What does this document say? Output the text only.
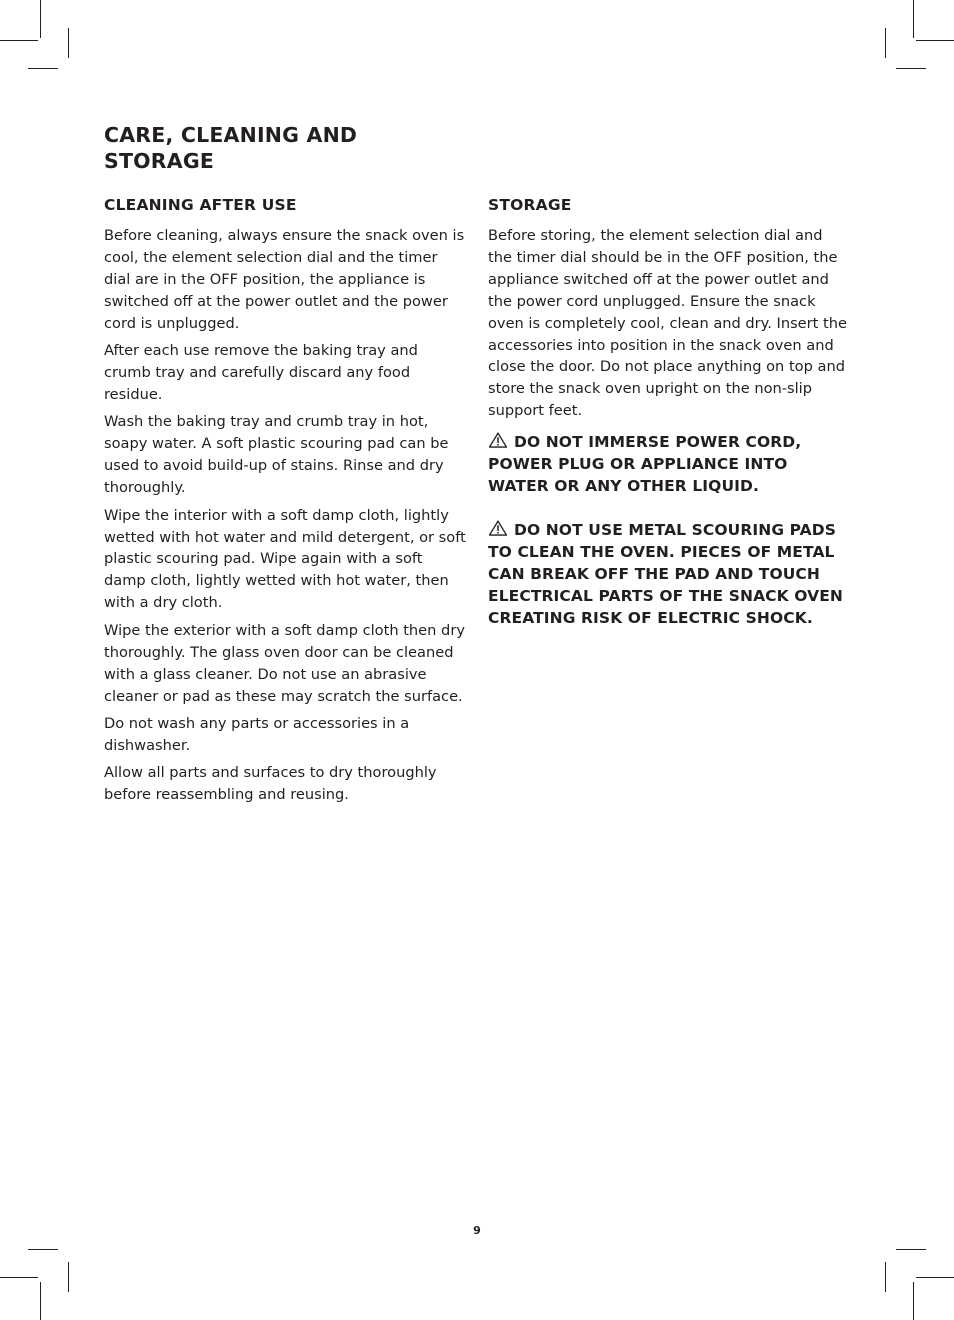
CARE, CLEANING AND STORAGE
CLEANING AFTER USE

Before cleaning, always ensure the snack oven is cool, the element selection dial and the timer dial are in the OFF position, the appliance is switched off at the power outlet and the power cord is unplugged.

After each use remove the baking tray and crumb tray and carefully discard any food residue.

Wash the baking tray and crumb tray in hot, soapy water. A soft plastic scouring pad can be used to avoid build-up of stains. Rinse and dry thoroughly.

Wipe the interior with a soft damp cloth, lightly wetted with hot water and mild detergent, or soft plastic scouring pad. Wipe again with a soft damp cloth, lightly wetted with hot water, then with a dry cloth.

Wipe the exterior with a soft damp cloth then dry thoroughly. The glass oven door can be cleaned with a glass cleaner. Do not use an abrasive cleaner or pad as these may scratch the surface.

Do not wash any parts or accessories in a dishwasher.

Allow all parts and surfaces to dry thoroughly before reassembling and reusing.

STORAGE

Before storing, the element selection dial and the timer dial should be in the OFF position, the appliance switched off at the power outlet and the power cord unplugged. Ensure the snack oven is completely cool, clean and dry. Insert the accessories into position in the snack oven and close the door. Do not place anything on top and store the snack oven upright on the non-slip support feet.

DO NOT IMMERSE POWER CORD, POWER PLUG OR APPLIANCE INTO WATER OR ANY OTHER LIQUID.
DO NOT USE METAL SCOURING PADS TO CLEAN THE OVEN. PIECES OF METAL CAN BREAK OFF THE PAD AND TOUCH ELECTRICAL PARTS OF THE SNACK OVEN CREATING RISK OF ELECTRIC SHOCK.
9
